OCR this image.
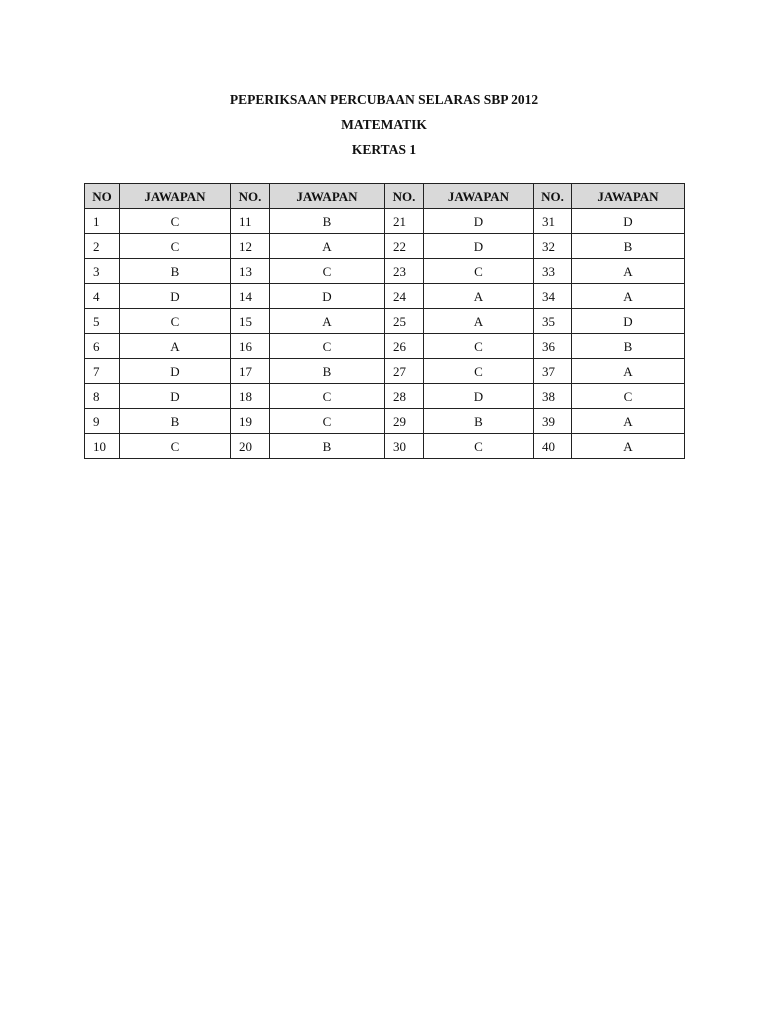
PEPERIKSAAN PERCUBAAN SELARAS SBP 2012
MATEMATIK
KERTAS 1
NO	JAWAPAN	NO.	JAWAPAN	NO.	JAWAPAN	NO.	JAWAPAN
1	C	11	B	21	D	31	D
2	C	12	A	22	D	32	B
3	B	13	C	23	C	33	A
4	D	14	D	24	A	34	A
5	C	15	A	25	A	35	D
6	A	16	C	26	C	36	B
7	D	17	B	27	C	37	A
8	D	18	C	28	D	38	C
9	B	19	C	29	B	39	A
10	C	20	B	30	C	40	A
